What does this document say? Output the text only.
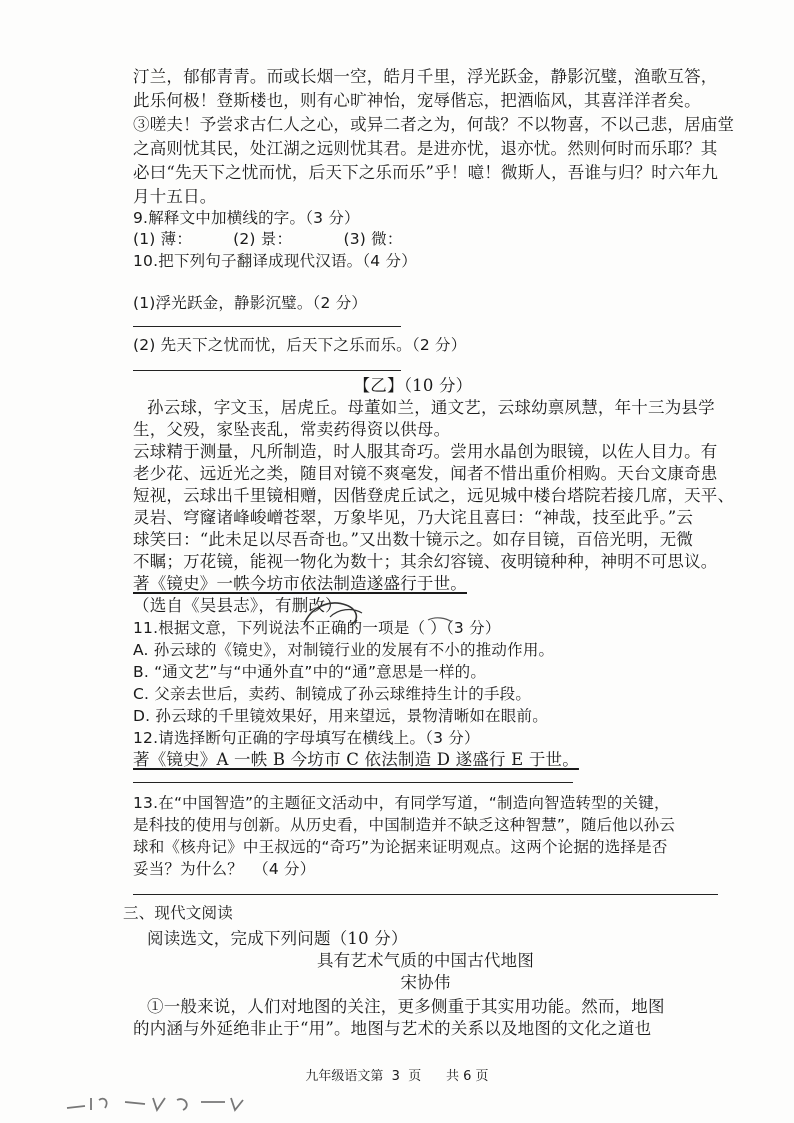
汀兰，郁郁青青。而或长烟一空，皓月千里，浮光跃金，静影沉璧，渔歌互答，
此乐何极！登斯楼也，则有心旷神怡，宠辱偕忘，把酒临风，其喜洋洋者矣。
③嗟夫！予尝求古仁人之心，或异二者之为，何哉？不以物喜，不以己悲，居庙堂
之高则忧其民，处江湖之远则忧其君。是进亦忧，退亦忧。然则何时而乐耶？其
必曰“先天下之忧而忧，后天下之乐而乐”乎！噫！微斯人，吾谁与归？时六年九
月十五日。
9.解释文中加横线的字。（3 分）
(1) 薄：        (2) 景：          (3) 微：
10.把下列句子翻译成现代汉语。（4 分）
(1)浮光跃金，静影沉璧。（2 分）
(2) 先天下之忧而忧，后天下之乐而乐。（2 分）
【乙】（10 分）
孙云球，字文玉，居虎丘。母董如兰，通文艺，云球幼禀夙慧，年十三为县学
生，父殁，家坠丧乱，常卖药得资以供母。
云球精于测量，凡所制造，时人服其奇巧。尝用水晶创为眼镜，以佐人目力。有
老少花、远近光之类，随目对镜不爽毫发，闻者不惜出重价相购。天台文康奇患
短视，云球出千里镜相赠，因偕登虎丘试之，远见城中楼台塔院若接几席，天平、
灵岩、穹窿诸峰峻嶒苍翠，万象毕见，乃大诧且喜曰：“神哉，技至此乎。”云
球笑曰：“此未足以尽吾奇也。”又出数十镜示之。如存目镜，百倍光明，无微
不瞩；万花镜，能视一物化为数十；其余幻容镜、夜明镜种种，神明不可思议。
著《镜史》一帙今坊市依法制造遂盛行于世。
（选自《吴县志》，有删改）
11.根据文意，下列说法不正确的一项是（ ）（3 分）
A. 孙云球的《镜史》，对制镜行业的发展有不小的推动作用。
B. “通文艺”与“中通外直”中的“通”意思是一样的。
C. 父亲去世后，卖药、制镜成了孙云球维持生计的手段。
D. 孙云球的千里镜效果好，用来望远，景物清晰如在眼前。
12.请选择断句正确的字母填写在横线上。（3 分）
著《镜史》A 一帙 B 今坊市 C 依法制造 D 遂盛行 E 于世。
13.在“中国智造”的主题征文活动中，有同学写道，“制造向智造转型的关键，
是科技的使用与创新。从历史看，中国制造并不缺乏这种智慧”，随后他以孙云
球和《核舟记》中王叔远的“奇巧”为论据来证明观点。这两个论据的选择是否
妥当？为什么？  （4 分）
三、现代文阅读
阅读选文，完成下列问题（10 分）
具有艺术气质的中国古代地图
宋协伟
①一般来说，人们对地图的关注，更多侧重于其实用功能。然而，地图
的内涵与外延绝非止于“用”。地图与艺术的关系以及地图的文化之道也
九年级语文第  3  页      共 6 页
